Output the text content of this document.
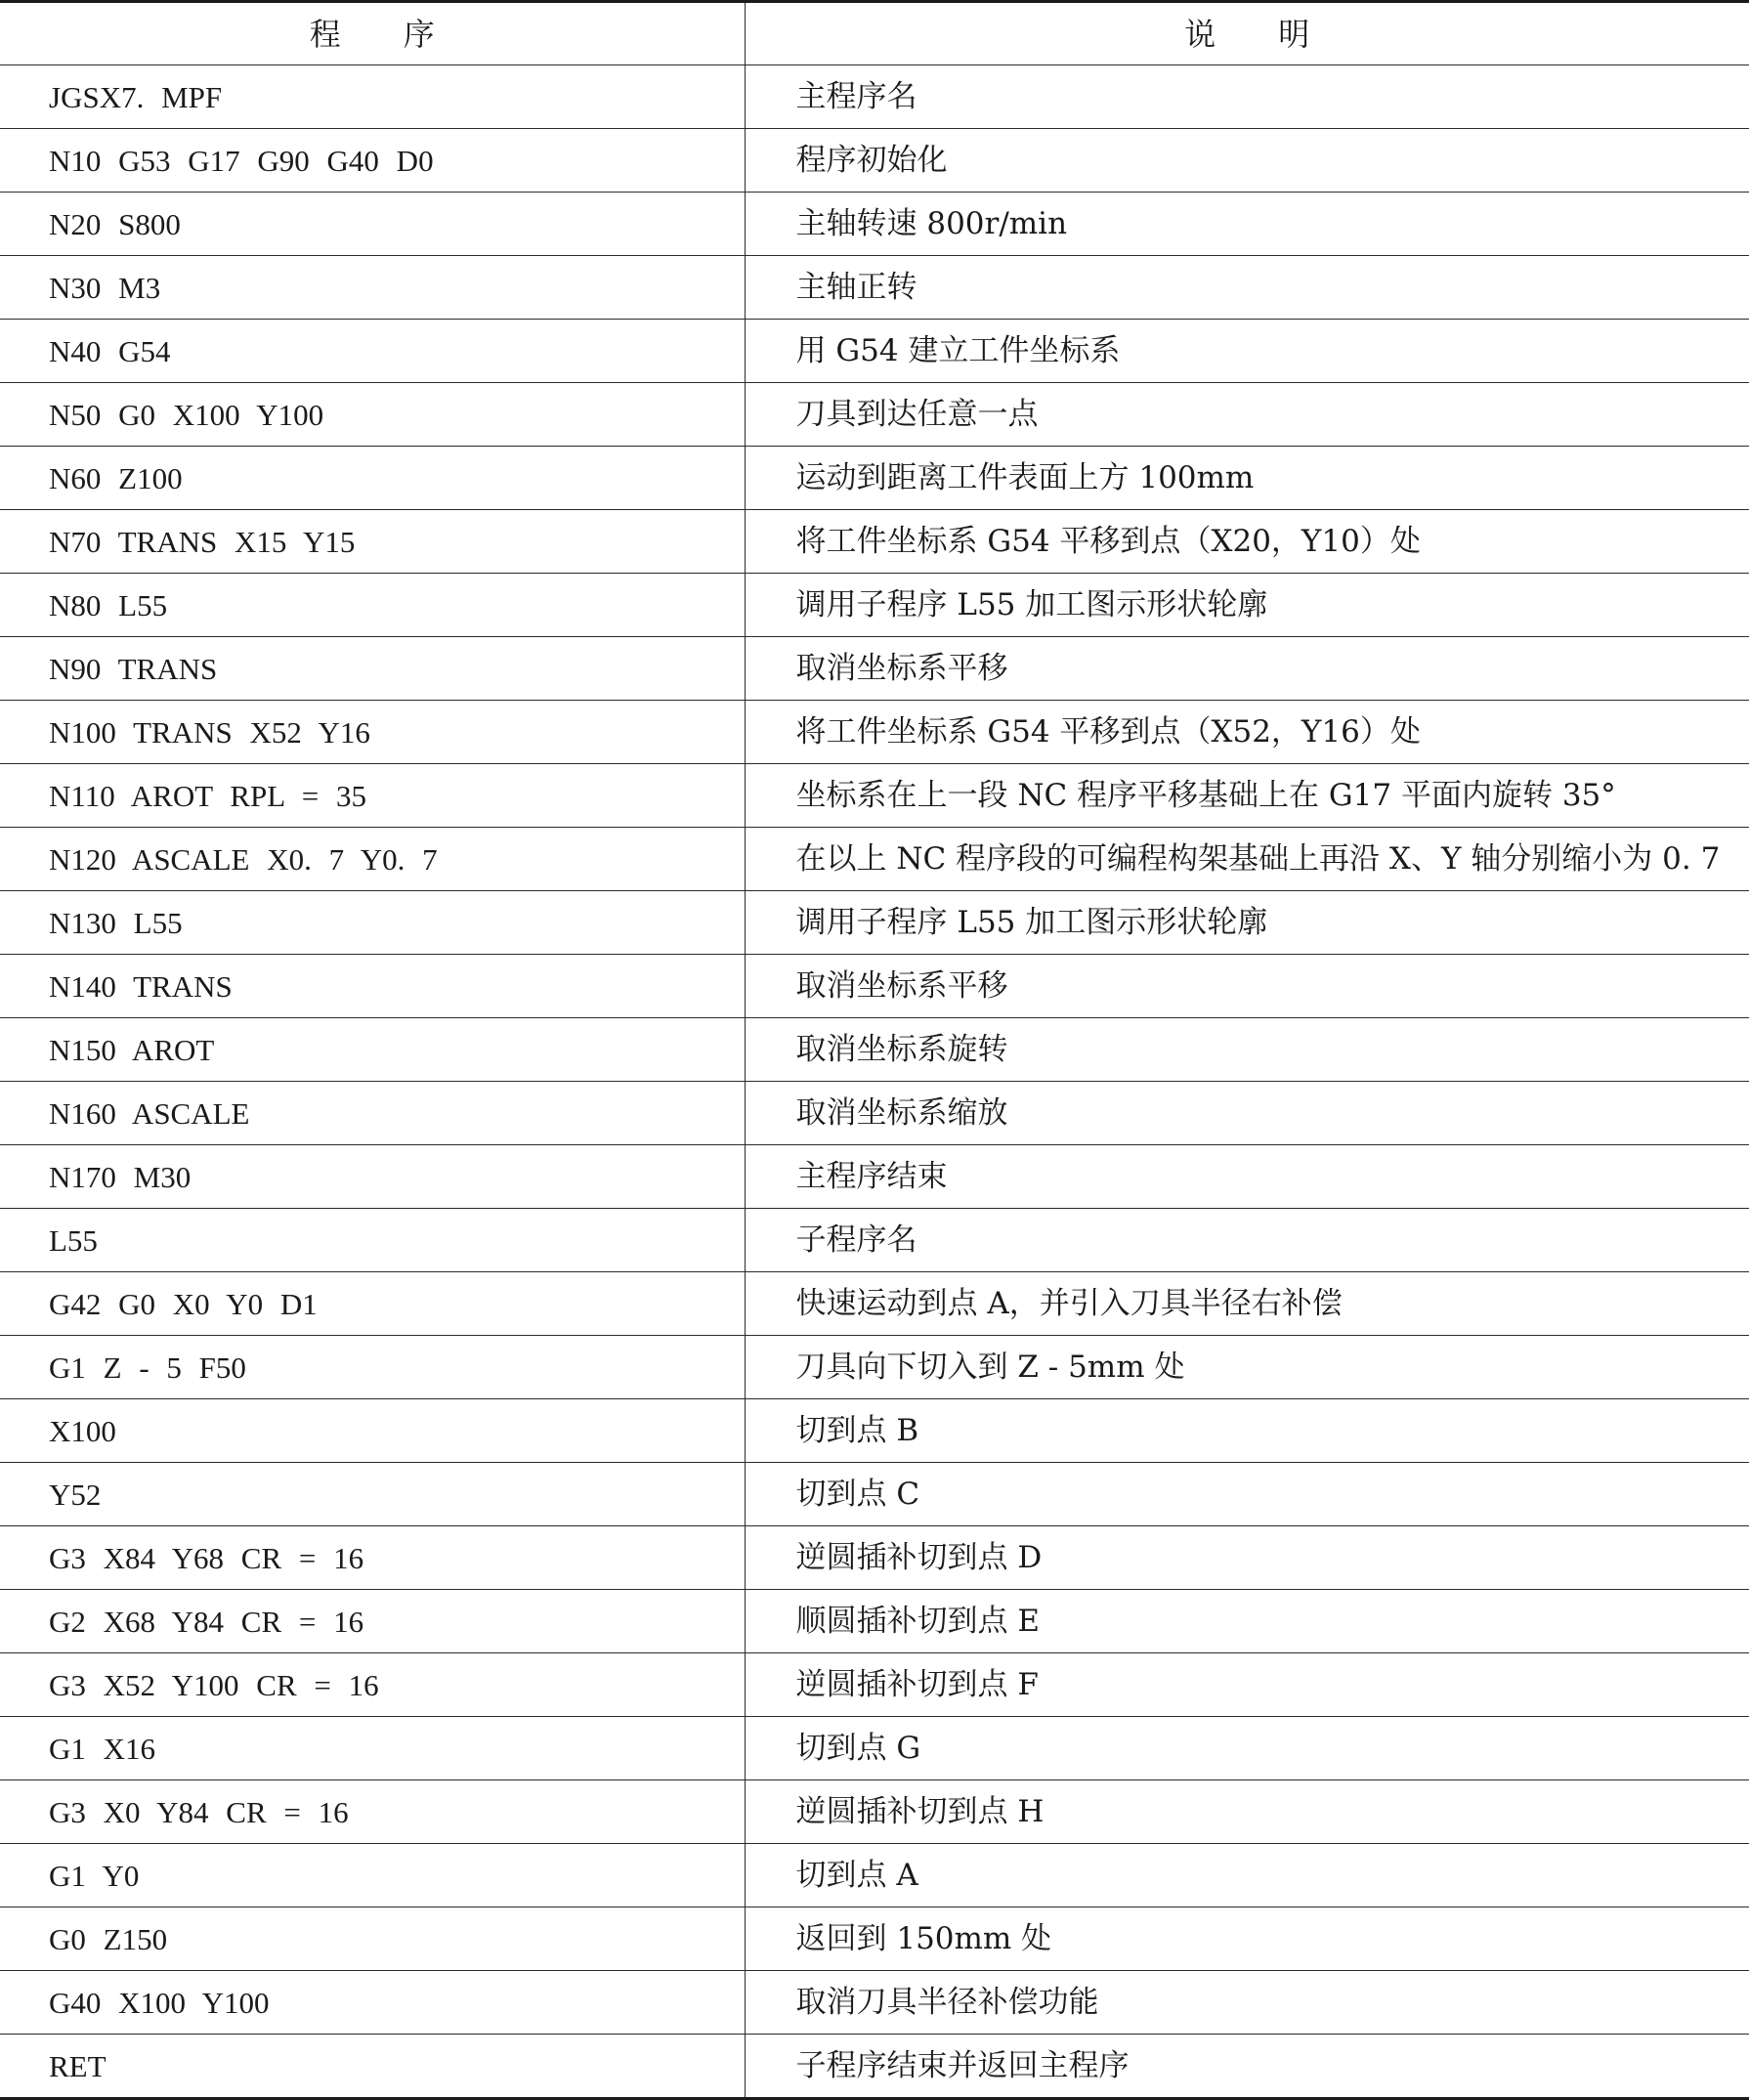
程　　序	说　　明
JGSX7. MPF	主程序名
N10 G53 G17 G90 G40 D0	程序初始化
N20 S800	主轴转速 800r/min
N30 M3	主轴正转
N40 G54	用 G54 建立工件坐标系
N50 G0 X100 Y100	刀具到达任意一点
N60 Z100	运动到距离工件表面上方 100mm
N70 TRANS X15 Y15	将工件坐标系 G54 平移到点（X20，Y10）处
N80 L55	调用子程序 L55 加工图示形状轮廓
N90 TRANS	取消坐标系平移
N100 TRANS X52 Y16	将工件坐标系 G54 平移到点（X52，Y16）处
N110 AROT RPL = 35	坐标系在上一段 NC 程序平移基础上在 G17 平面内旋转 35°
N120 ASCALE X0. 7 Y0. 7	在以上 NC 程序段的可编程构架基础上再沿 X、Y 轴分别缩小为 0. 7
N130 L55	调用子程序 L55 加工图示形状轮廓
N140 TRANS	取消坐标系平移
N150 AROT	取消坐标系旋转
N160 ASCALE	取消坐标系缩放
N170 M30	主程序结束
L55	子程序名
G42 G0 X0 Y0 D1	快速运动到点 A，并引入刀具半径右补偿
G1 Z - 5 F50	刀具向下切入到 Z - 5mm 处
X100	切到点 B
Y52	切到点 C
G3 X84 Y68 CR = 16	逆圆插补切到点 D
G2 X68 Y84 CR = 16	顺圆插补切到点 E
G3 X52 Y100 CR = 16	逆圆插补切到点 F
G1 X16	切到点 G
G3 X0 Y84 CR = 16	逆圆插补切到点 H
G1 Y0	切到点 A
G0 Z150	返回到 150mm 处
G40 X100 Y100	取消刀具半径补偿功能
RET	子程序结束并返回主程序
